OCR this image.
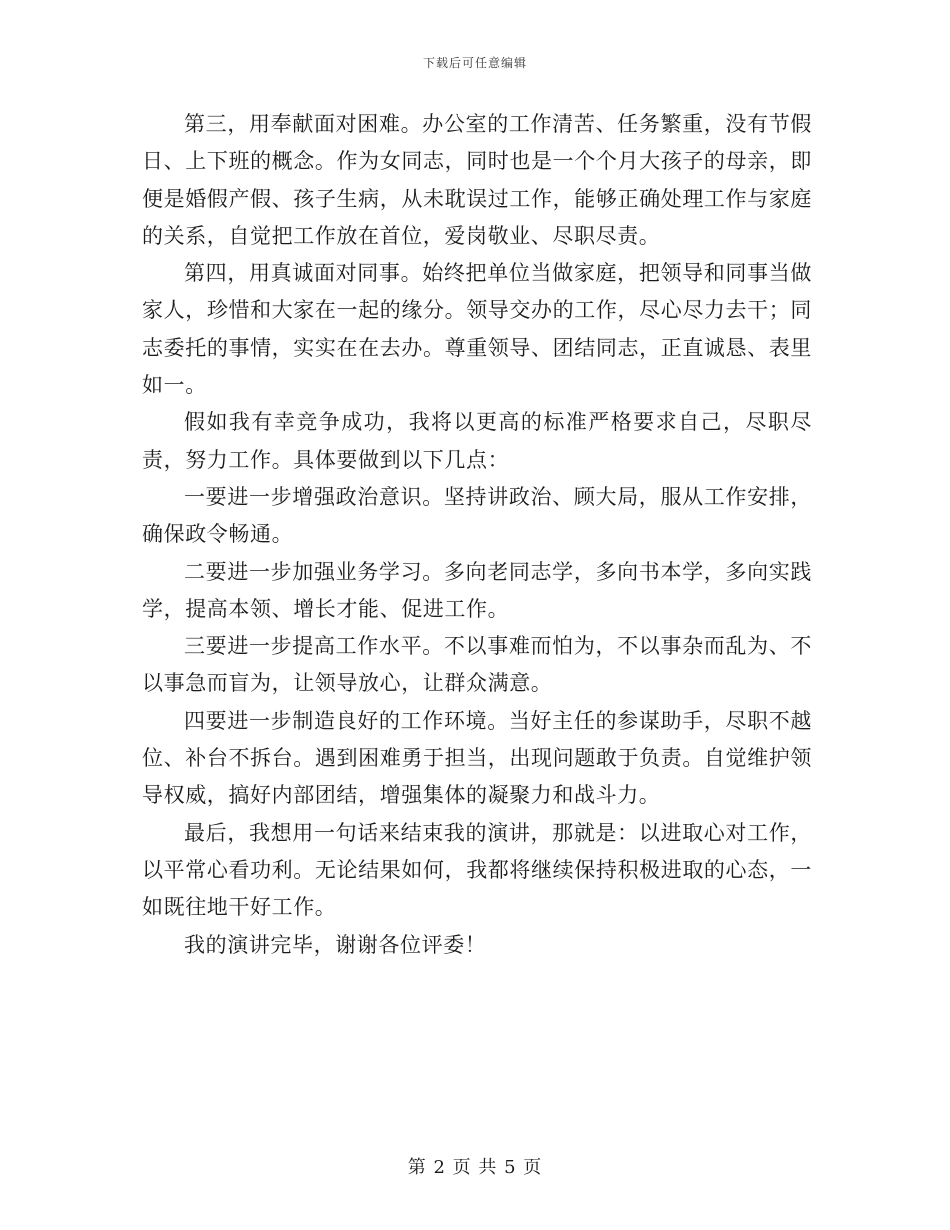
下载后可任意编辑

第三，用奉献面对困难。办公室的工作清苦、任务繁重，没有节假日、上下班的概念。作为女同志，同时也是一个个月大孩子的母亲，即便是婚假产假、孩子生病，从未耽误过工作，能够正确处理工作与家庭的关系，自觉把工作放在首位，爱岗敬业、尽职尽责。

第四，用真诚面对同事。始终把单位当做家庭，把领导和同事当做家人，珍惜和大家在一起的缘分。领导交办的工作，尽心尽力去干；同志委托的事情，实实在在去办。尊重领导、团结同志，正直诚恳、表里如一。

假如我有幸竞争成功，我将以更高的标准严格要求自己，尽职尽责，努力工作。具体要做到以下几点：

一要进一步增强政治意识。坚持讲政治、顾大局，服从工作安排，确保政令畅通。

二要进一步加强业务学习。多向老同志学，多向书本学，多向实践学，提高本领、增长才能、促进工作。

三要进一步提高工作水平。不以事难而怕为，不以事杂而乱为、不以事急而盲为，让领导放心，让群众满意。

四要进一步制造良好的工作环境。当好主任的参谋助手，尽职不越位、补台不拆台。遇到困难勇于担当，出现问题敢于负责。自觉维护领导权威，搞好内部团结，增强集体的凝聚力和战斗力。

最后，我想用一句话来结束我的演讲，那就是：以进取心对工作，以平常心看功利。无论结果如何，我都将继续保持积极进取的心态，一如既往地干好工作。

我的演讲完毕，谢谢各位评委！

第 2 页 共 5 页
